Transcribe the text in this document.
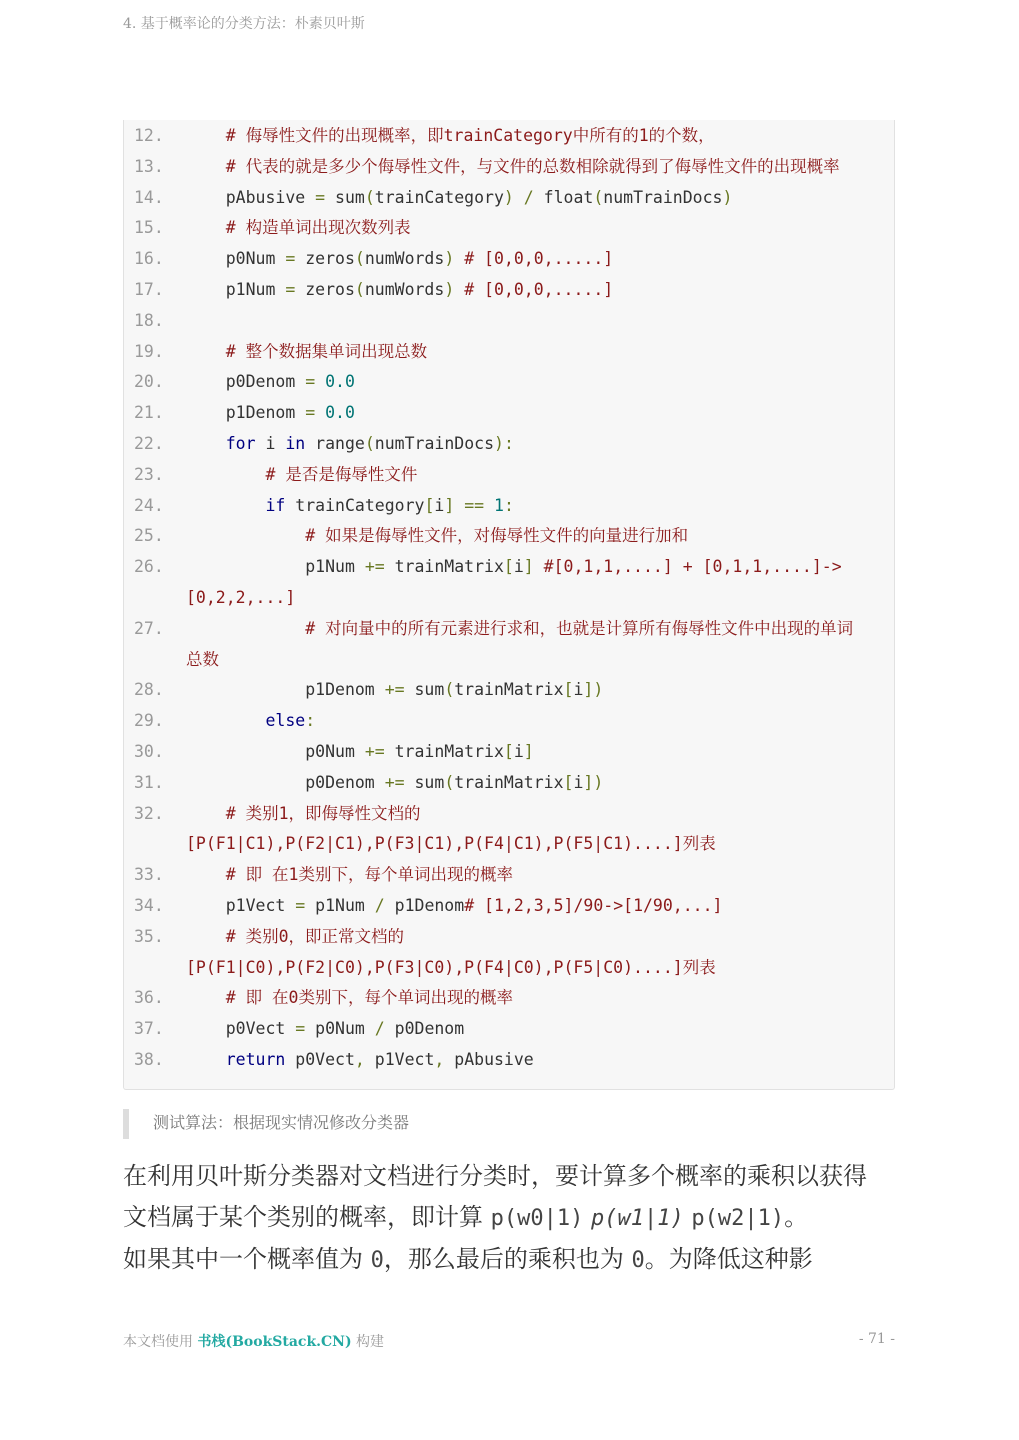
4. 基于概率论的分类方法：朴素贝叶斯
12. # 侮辱性文件的出现概率，即trainCategory中所有的1的个数，
13. # 代表的就是多少个侮辱性文件，与文件的总数相除就得到了侮辱性文件的出现概率
14. pAbusive = sum(trainCategory) / float(numTrainDocs)
15. # 构造单词出现次数列表
16. p0Num = zeros(numWords) # [0,0,0,.....]
17. p1Num = zeros(numWords) # [0,0,0,.....]
18.
19. # 整个数据集单词出现总数
20. p0Denom = 0.0
21. p1Denom = 0.0
22.	for i in range(numTrainDocs):
23. # 是否是侮辱性文件
24.	if trainCategory[i] == 1:
25. # 如果是侮辱性文件，对侮辱性文件的向量进行加和
26. p1Num += trainMatrix[i] #[0,1,1,....] + [0,1,1,....]->
[0,2,2,...]
27. # 对向量中的所有元素进行求和，也就是计算所有侮辱性文件中出现的单词
总数
28. p1Denom += sum(trainMatrix[i])
29.	else:
30. p0Num += trainMatrix[i]
31. p0Denom += sum(trainMatrix[i])
32. # 类别1，即侮辱性文档的
[P(F1|C1),P(F2|C1),P(F3|C1),P(F4|C1),P(F5|C1)....]列表
33. # 即 在1类别下，每个单词出现的概率
34. p1Vect = p1Num / p1Denom# [1,2,3,5]/90->[1/90,...]
35. # 类别0，即正常文档的
[P(F1|C0),P(F2|C0),P(F3|C0),P(F4|C0),P(F5|C0)....]列表
36. # 即 在0类别下，每个单词出现的概率
37. p0Vect = p0Num / p0Denom
38.	return p0Vect, p1Vect, pAbusive
测试算法：根据现实情况修改分类器
在利用贝叶斯分类器对文档进行分类时，要计算多个概率的乘积以获得
文档属于某个类别的概率，即计算 p(w0|1) p(w1|1) p(w2|1)。
如果其中一个概率值为 0，那么最后的乘积也为 0。为降低这种影
本文档使用 书栈(BookStack.CN) 构建	- 71 -
